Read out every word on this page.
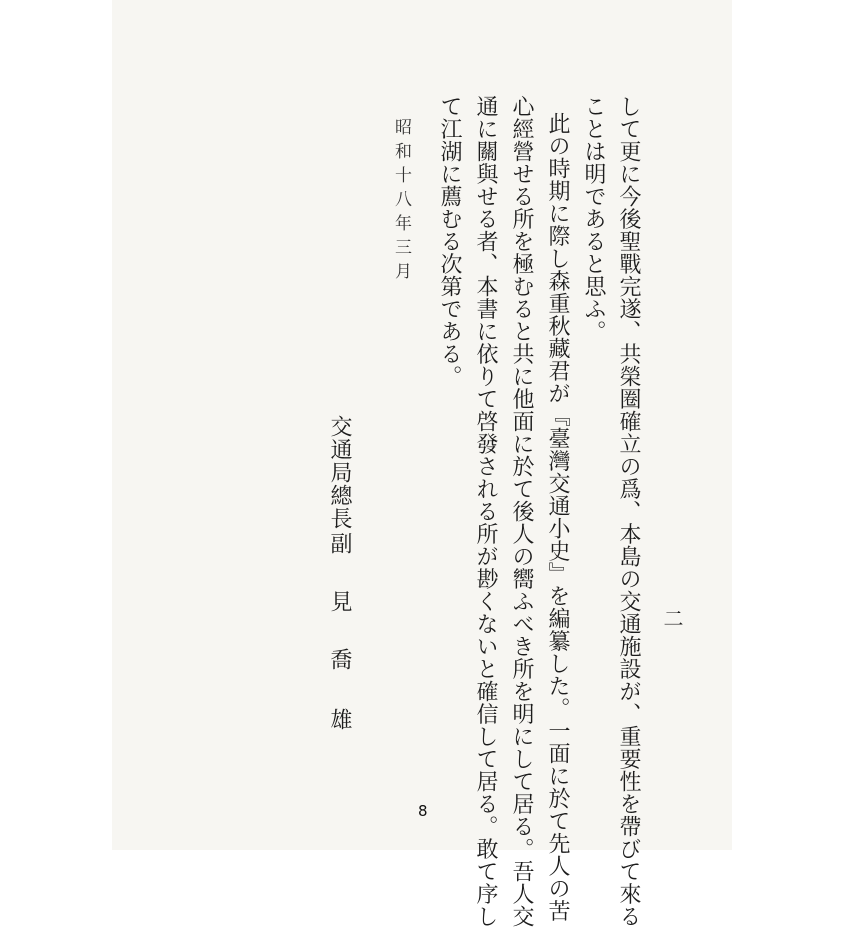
二
して更に今後聖戰完遂、共榮圈確立の爲、本島の交通施設が、重要性を帶びて來る
ことは明であると思ふ。
此の時期に際し森重秋藏君が『臺灣交通小史』を編纂した。一面に於て先人の苦
心經營せる所を極むると共に他面に於て後人の嚮ふべき所を明にして居る。吾人交
通に關與せる者、本書に依りて啓發される所が尠くないと確信して居る。敢て序し
て江湖に薦むる次第である。
昭和十八年三月
交通局總長
副
見
喬
雄
8
